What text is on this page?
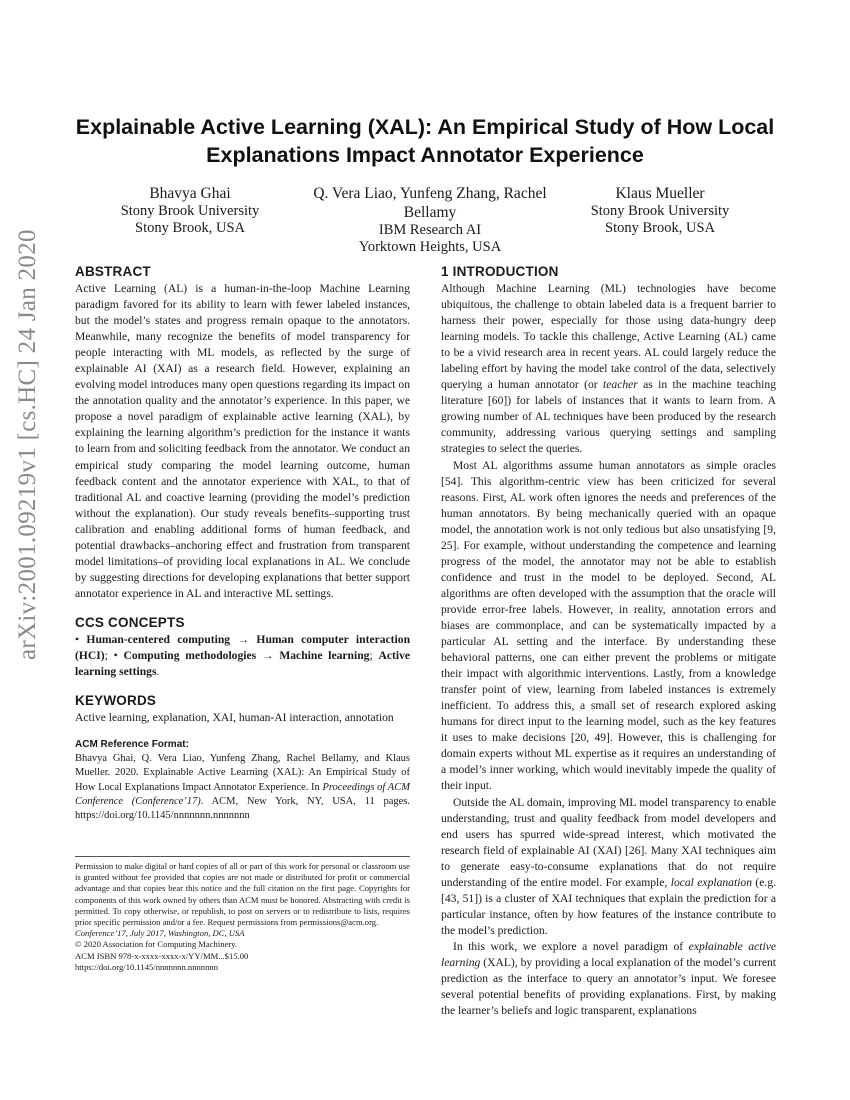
arXiv:2001.09219v1 [cs.HC] 24 Jan 2020
Explainable Active Learning (XAL): An Empirical Study of How Local Explanations Impact Annotator Experience
Bhavya Ghai
Stony Brook University
Stony Brook, USA
Q. Vera Liao, Yunfeng Zhang, Rachel Bellamy
IBM Research AI
Yorktown Heights, USA
Klaus Mueller
Stony Brook University
Stony Brook, USA
ABSTRACT

Active Learning (AL) is a human-in-the-loop Machine Learning paradigm favored for its ability to learn with fewer labeled instances, but the model’s states and progress remain opaque to the annotators. Meanwhile, many recognize the benefits of model transparency for people interacting with ML models, as reflected by the surge of explainable AI (XAI) as a research field. However, explaining an evolving model introduces many open questions regarding its impact on the annotation quality and the annotator’s experience. In this paper, we propose a novel paradigm of explainable active learning (XAL), by explaining the learning algorithm’s prediction for the instance it wants to learn from and soliciting feedback from the annotator. We conduct an empirical study comparing the model learning outcome, human feedback content and the annotator experience with XAL, to that of traditional AL and coactive learning (providing the model’s prediction without the explanation). Our study reveals benefits–supporting trust calibration and enabling additional forms of human feedback, and potential drawbacks–anchoring effect and frustration from transparent model limitations–of providing local explanations in AL. We conclude by suggesting directions for developing explanations that better support annotator experience in AL and interactive ML settings.

CCS CONCEPTS

• Human-centered computing → Human computer interaction (HCI); • Computing methodologies → Machine learning; Active learning settings.

KEYWORDS

Active learning, explanation, XAI, human-AI interaction, annotation

ACM Reference Format:

Bhavya Ghai, Q. Vera Liao, Yunfeng Zhang, Rachel Bellamy, and Klaus Mueller. 2020. Explainable Active Learning (XAL): An Empirical Study of How Local Explanations Impact Annotator Experience. In Proceedings of ACM Conference (Conference’17). ACM, New York, NY, USA, 11 pages. https://doi.org/10.1145/nnnnnnn.nnnnnnn

Permission to make digital or hard copies of all or part of this work for personal or classroom use is granted without fee provided that copies are not made or distributed for profit or commercial advantage and that copies bear this notice and the full citation on the first page. Copyrights for components of this work owned by others than ACM must be honored. Abstracting with credit is permitted. To copy otherwise, or republish, to post on servers or to redistribute to lists, requires prior specific permission and/or a fee. Request permissions from permissions@acm.org.

Conference’17, July 2017, Washington, DC, USA

© 2020 Association for Computing Machinery.

ACM ISBN 978-x-xxxx-xxxx-x/YY/MM...$15.00

https://doi.org/10.1145/nnnnnnn.nnnnnnn

1 INTRODUCTION

Although Machine Learning (ML) technologies have become ubiquitous, the challenge to obtain labeled data is a frequent barrier to harness their power, especially for those using data-hungry deep learning models. To tackle this challenge, Active Learning (AL) came to be a vivid research area in recent years. AL could largely reduce the labeling effort by having the model take control of the data, selectively querying a human annotator (or teacher as in the machine teaching literature [60]) for labels of instances that it wants to learn from. A growing number of AL techniques have been produced by the research community, addressing various querying settings and sampling strategies to select the queries.

Most AL algorithms assume human annotators as simple oracles [54]. This algorithm-centric view has been criticized for several reasons. First, AL work often ignores the needs and preferences of the human annotators. By being mechanically queried with an opaque model, the annotation work is not only tedious but also unsatisfying [9, 25]. For example, without understanding the competence and learning progress of the model, the annotator may not be able to establish confidence and trust in the model to be deployed. Second, AL algorithms are often developed with the assumption that the oracle will provide error-free labels. However, in reality, annotation errors and biases are commonplace, and can be systematically impacted by a particular AL setting and the interface. By understanding these behavioral patterns, one can either prevent the problems or mitigate their impact with algorithmic interventions. Lastly, from a knowledge transfer point of view, learning from labeled instances is extremely inefficient. To address this, a small set of research explored asking humans for direct input to the learning model, such as the key features it uses to make decisions [20, 49]. However, this is challenging for domain experts without ML expertise as it requires an understanding of a model’s inner working, which would inevitably impede the quality of their input.

Outside the AL domain, improving ML model transparency to enable understanding, trust and quality feedback from model developers and end users has spurred wide-spread interest, which motivated the research field of explainable AI (XAI) [26]. Many XAI techniques aim to generate easy-to-consume explanations that do not require understanding of the entire model. For example, local explanation (e.g. [43, 51]) is a cluster of XAI techniques that explain the prediction for a particular instance, often by how features of the instance contribute to the model’s prediction.

In this work, we explore a novel paradigm of explainable active learning (XAL), by providing a local explanation of the model’s current prediction as the interface to query an annotator’s input. We foresee several potential benefits of providing explanations. First, by making the learner’s beliefs and logic transparent, explanations
